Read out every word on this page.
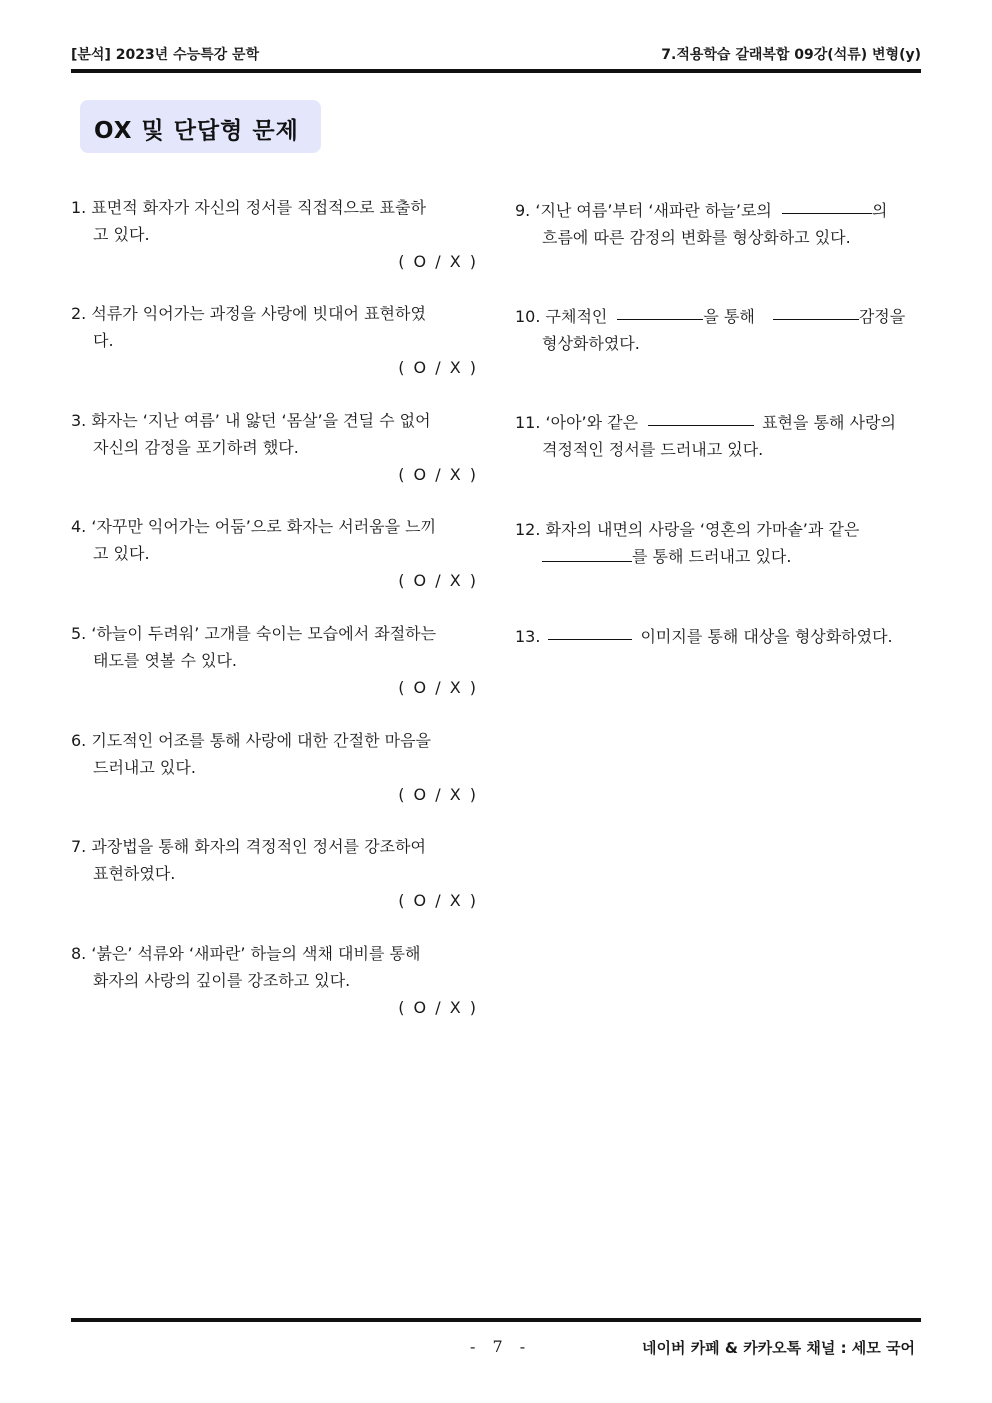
[분석] 2023년 수능특강 문학	7.적용학습 갈래복합 09강(석류) 변형(y)
OX 및 단답형 문제
1. 표면적 화자가 자신의 정서를 직접적으로 표출하
고 있다.
( O / X )
2. 석류가 익어가는 과정을 사랑에 빗대어 표현하였
다.
( O / X )
3. 화자는 ‘지난 여름’ 내 앓던 ‘몸살’을 견딜 수 없어
자신의 감정을 포기하려 했다.
( O / X )
4. ‘자꾸만 익어가는 어둠’으로 화자는 서러움을 느끼
고 있다.
( O / X )
5. ‘하늘이 두려워’ 고개를 숙이는 모습에서 좌절하는
태도를 엿볼 수 있다.
( O / X )
6. 기도적인 어조를 통해 사랑에 대한 간절한 마음을
드러내고 있다.
( O / X )
7. 과장법을 통해 화자의 격정적인 정서를 강조하여
표현하였다.
( O / X )
8. ‘붉은’ 석류와 ‘새파란’ 하늘의 색채 대비를 통해
화자의 사랑의 깊이를 강조하고 있다.
( O / X )
9. ‘지난 여름’부터 ‘새파란 하늘’로의	의
흐름에 따른 감정의 변화를 형상화하고 있다.
10. 구체적인	을 통해	감정을
형상화하였다.
11. ‘아아’와 같은	표현을 통해 사랑의
격정적인 정서를 드러내고 있다.
12. 화자의 내면의 사랑을 ‘영혼의 가마솥’과 같은
를 통해 드러내고 있다.
13.	이미지를 통해 대상을 형상화하였다.
- 7 -	네이버 카페 & 카카오톡 채널 : 세모 국어
